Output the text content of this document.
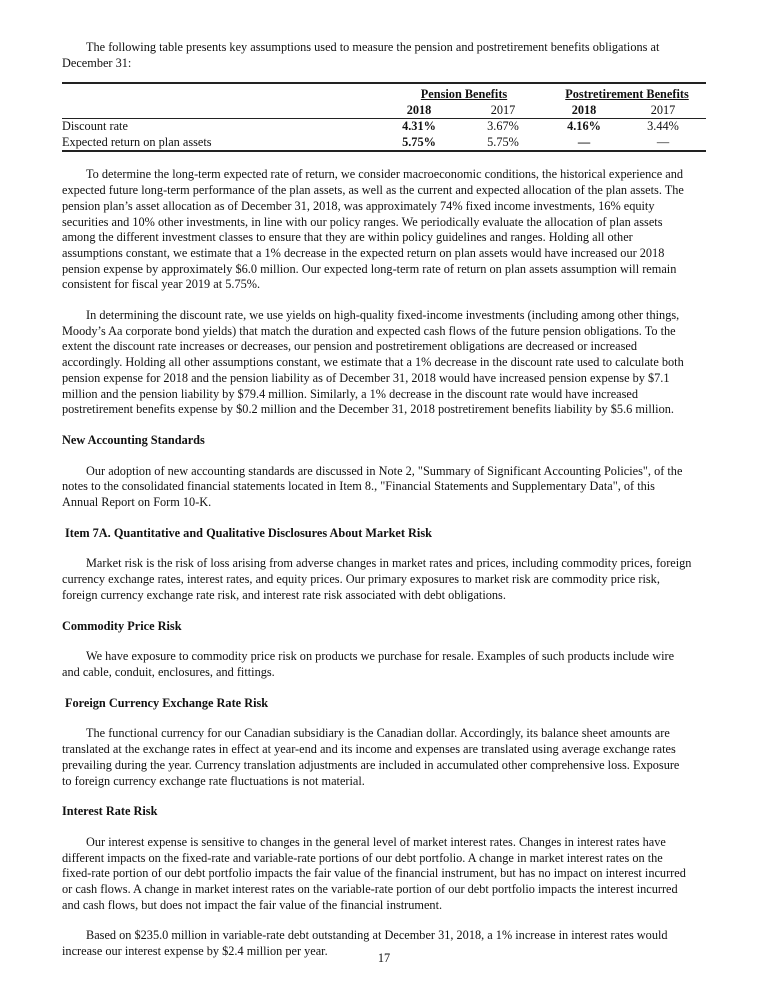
The following table presents key assumptions used to measure the pension and postretirement benefits obligations at
December 31:
	Pension Benefits		Postretirement Benefits	
	2018	2017	2018	2017
Discount rate	4.31%	3.67%	4.16%	3.44%
Expected return on plan assets	5.75%	5.75%	—	—
To determine the long-term expected rate of return, we consider macroeconomic conditions, the historical experience and
expected future long-term performance of the plan assets, as well as the current and expected allocation of the plan assets. The
pension plan’s asset allocation as of December 31, 2018, was approximately 74% fixed income investments, 16% equity
securities and 10% other investments, in line with our policy ranges. We periodically evaluate the allocation of plan assets
among the different investment classes to ensure that they are within policy guidelines and ranges. Holding all other
assumptions constant, we estimate that a 1% decrease in the expected return on plan assets would have increased our 2018
pension expense by approximately $6.0 million. Our expected long-term rate of return on plan assets assumption will remain
consistent for fiscal year 2019 at 5.75%.
In determining the discount rate, we use yields on high-quality fixed-income investments (including among other things,
Moody’s Aa corporate bond yields) that match the duration and expected cash flows of the future pension obligations. To the
extent the discount rate increases or decreases, our pension and postretirement obligations are decreased or increased
accordingly. Holding all other assumptions constant, we estimate that a 1% decrease in the discount rate used to calculate both
pension expense for 2018 and the pension liability as of December 31, 2018 would have increased pension expense by $7.1
million and the pension liability by $79.4 million. Similarly, a 1% decrease in the discount rate would have increased
postretirement benefits expense by $0.2 million and the December 31, 2018 postretirement benefits liability by $5.6 million.
New Accounting Standards
Our adoption of new accounting standards are discussed in Note 2, "Summary of Significant Accounting Policies", of the
notes to the consolidated financial statements located in Item 8., "Financial Statements and Supplementary Data", of this
Annual Report on Form 10-K.
Item 7A. Quantitative and Qualitative Disclosures About Market Risk
Market risk is the risk of loss arising from adverse changes in market rates and prices, including commodity prices, foreign
currency exchange rates, interest rates, and equity prices. Our primary exposures to market risk are commodity price risk,
foreign currency exchange rate risk, and interest rate risk associated with debt obligations.
Commodity Price Risk
We have exposure to commodity price risk on products we purchase for resale. Examples of such products include wire
and cable, conduit, enclosures, and fittings.
Foreign Currency Exchange Rate Risk
The functional currency for our Canadian subsidiary is the Canadian dollar. Accordingly, its balance sheet amounts are
translated at the exchange rates in effect at year-end and its income and expenses are translated using average exchange rates
prevailing during the year. Currency translation adjustments are included in accumulated other comprehensive loss. Exposure
to foreign currency exchange rate fluctuations is not material.
Interest Rate Risk
Our interest expense is sensitive to changes in the general level of market interest rates. Changes in interest rates have
different impacts on the fixed-rate and variable-rate portions of our debt portfolio. A change in market interest rates on the
fixed-rate portion of our debt portfolio impacts the fair value of the financial instrument, but has no impact on interest incurred
or cash flows. A change in market interest rates on the variable-rate portion of our debt portfolio impacts the interest incurred
and cash flows, but does not impact the fair value of the financial instrument.
Based on $235.0 million in variable-rate debt outstanding at December 31, 2018, a 1% increase in interest rates would
increase our interest expense by $2.4 million per year.	17
